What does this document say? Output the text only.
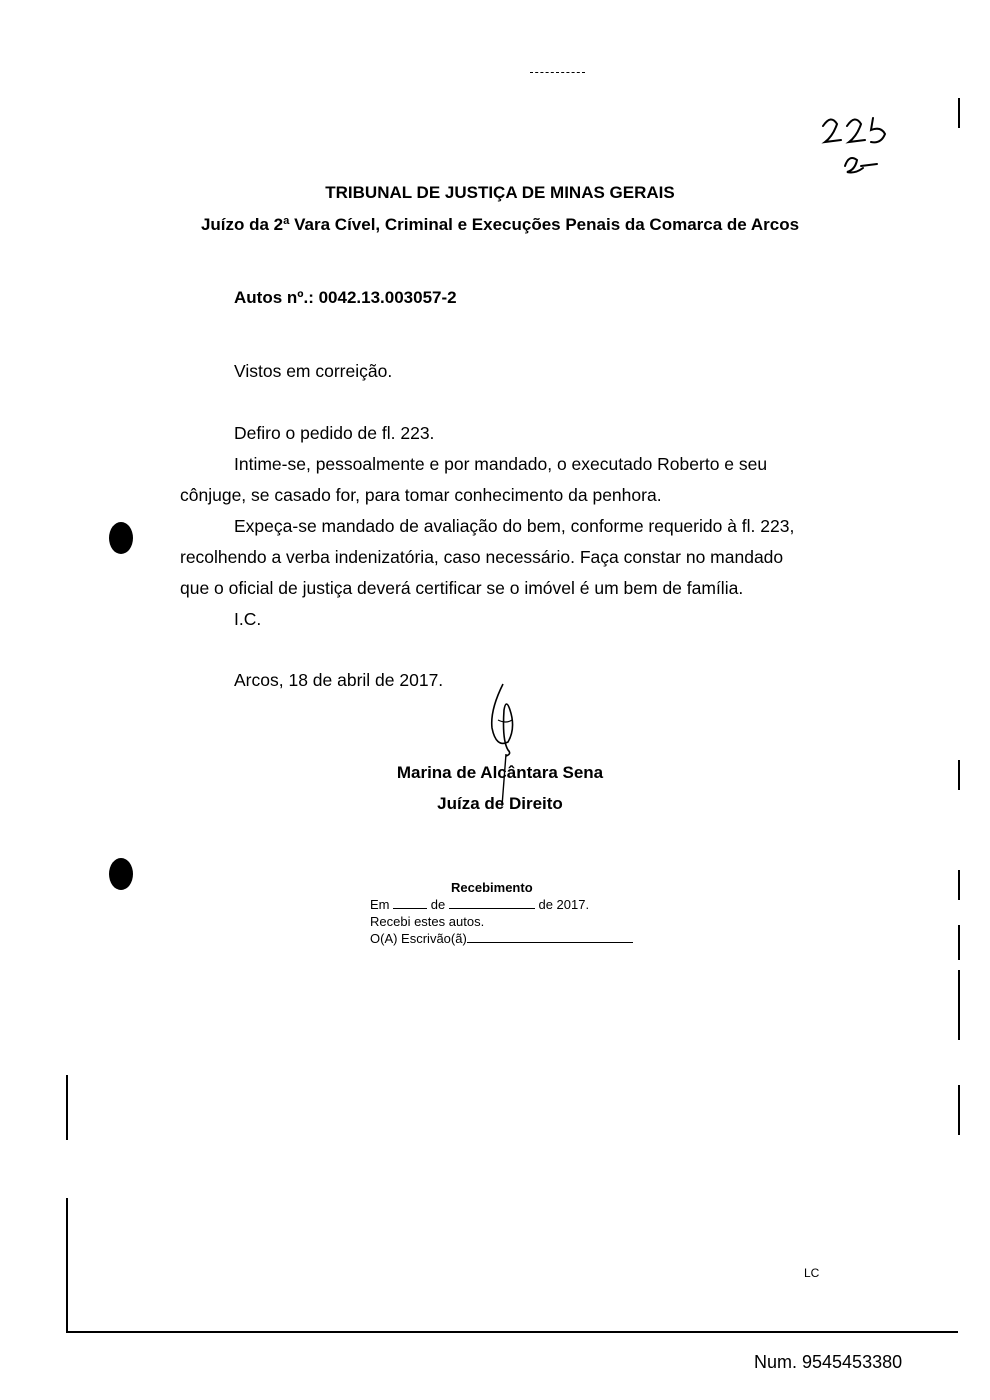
TRIBUNAL DE JUSTIÇA DE MINAS GERAIS
Juízo da 2ª Vara Cível, Criminal e Execuções Penais da Comarca de Arcos
Autos nº.: 0042.13.003057-2
Vistos em correição.
Defiro o pedido de fl. 223.
Intime-se, pessoalmente e por mandado, o executado Roberto e seu
cônjuge, se casado for, para tomar conhecimento da penhora.
Expeça-se mandado de avaliação do bem, conforme requerido à fl. 223,
recolhendo a verba indenizatória, caso necessário. Faça constar no mandado
que o oficial de justiça deverá certificar se o imóvel é um bem de família.
I.C.
Arcos, 18 de abril de 2017.
Marina de Alcântara Sena
Juíza de Direito
Recebimento
Em	de	de 2017.
Recebi estes autos.
O(A) Escrivão(ã)
LC
Num. 9545453380
